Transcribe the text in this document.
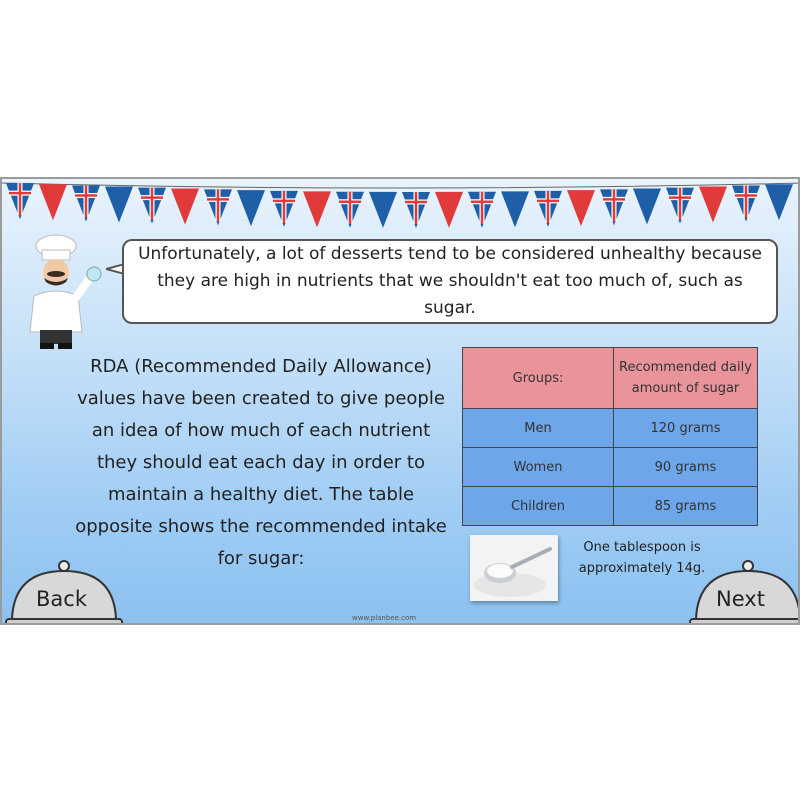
Unfortunately, a lot of desserts tend to be considered unhealthy because they are high in nutrients that we shouldn't eat too much of, such as sugar.
RDA (Recommended Daily Allowance) values have been created to give people an idea of how much of each nutrient they should eat each day in order to maintain a healthy diet. The table opposite shows the recommended intake for sugar:
Groups:	Recommended daily amount of sugar
Men	120 grams
Women	90 grams
Children	85 grams
One tablespoon is approximately 14g.
Back	Next
www.planbee.com
